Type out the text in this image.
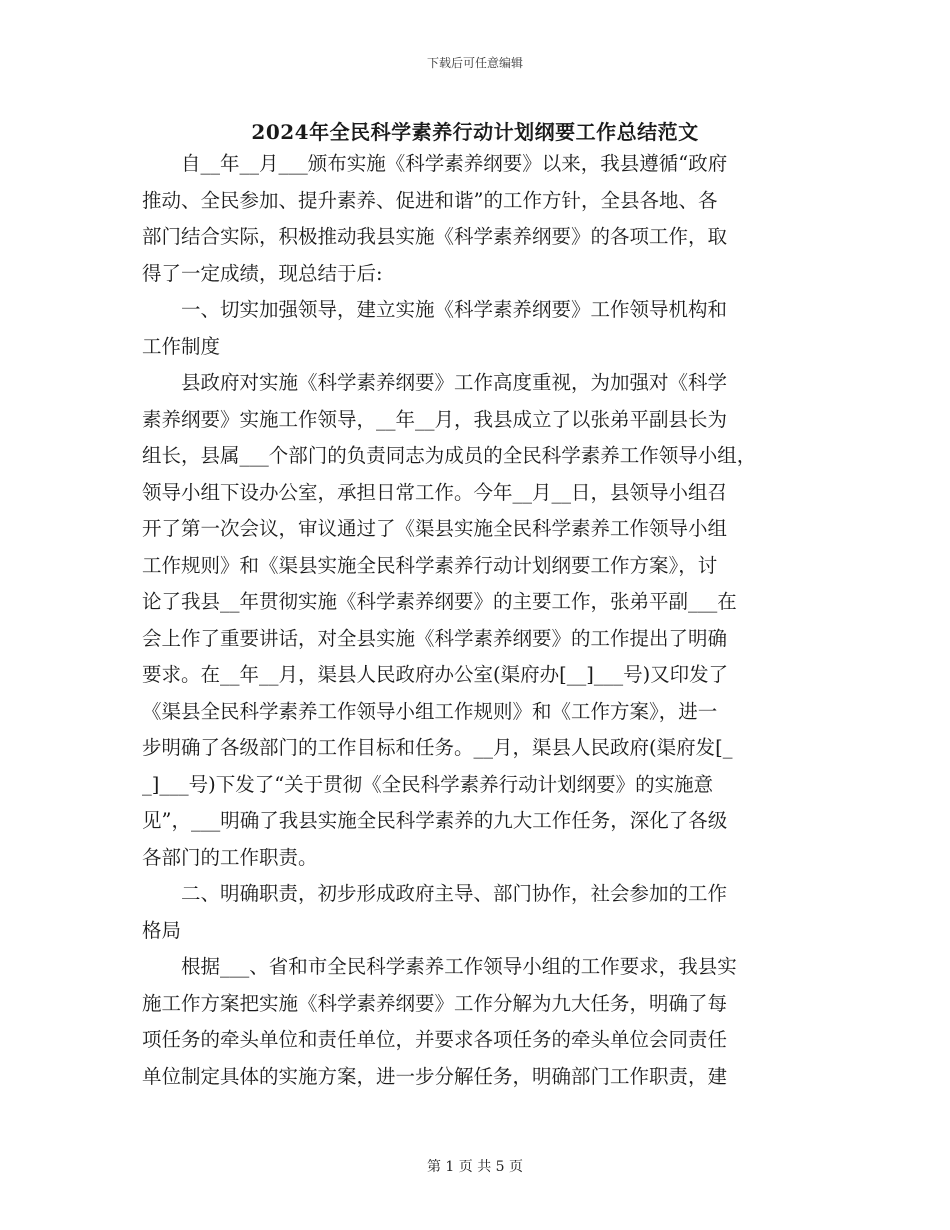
下载后可任意编辑
2024年全民科学素养行动计划纲要工作总结范文
　　自__年__月___颁布实施《科学素养纲要》以来，我县遵循“政府
推动、全民参加、提升素养、促进和谐”的工作方针，全县各地、各
部门结合实际，积极推动我县实施《科学素养纲要》的各项工作，取
得了一定成绩，现总结于后:
　　一、切实加强领导，建立实施《科学素养纲要》工作领导机构和
工作制度
　　县政府对实施《科学素养纲要》工作高度重视，为加强对《科学
素养纲要》实施工作领导，__年__月，我县成立了以张弟平副县长为
组长，县属___个部门的负责同志为成员的全民科学素养工作领导小组，
领导小组下设办公室，承担日常工作。今年__月__日，县领导小组召
开了第一次会议，审议通过了《渠县实施全民科学素养工作领导小组
工作规则》和《渠县实施全民科学素养行动计划纲要工作方案》，讨
论了我县__年贯彻实施《科学素养纲要》的主要工作，张弟平副___在
会上作了重要讲话，对全县实施《科学素养纲要》的工作提出了明确
要求。在__年__月，渠县人民政府办公室(渠府办[__]___号)又印发了
《渠县全民科学素养工作领导小组工作规则》和《工作方案》，进一
步明确了各级部门的工作目标和任务。__月，渠县人民政府(渠府发[_
_]___号)下发了“关于贯彻《全民科学素养行动计划纲要》的实施意
见”，___明确了我县实施全民科学素养的九大工作任务，深化了各级
各部门的工作职责。
　　二、明确职责，初步形成政府主导、部门协作，社会参加的工作
格局
　　根据___、省和市全民科学素养工作领导小组的工作要求，我县实
施工作方案把实施《科学素养纲要》工作分解为九大任务，明确了每
项任务的牵头单位和责任单位，并要求各项任务的牵头单位会同责任
单位制定具体的实施方案，进一步分解任务，明确部门工作职责，建
第 1 页 共 5 页
